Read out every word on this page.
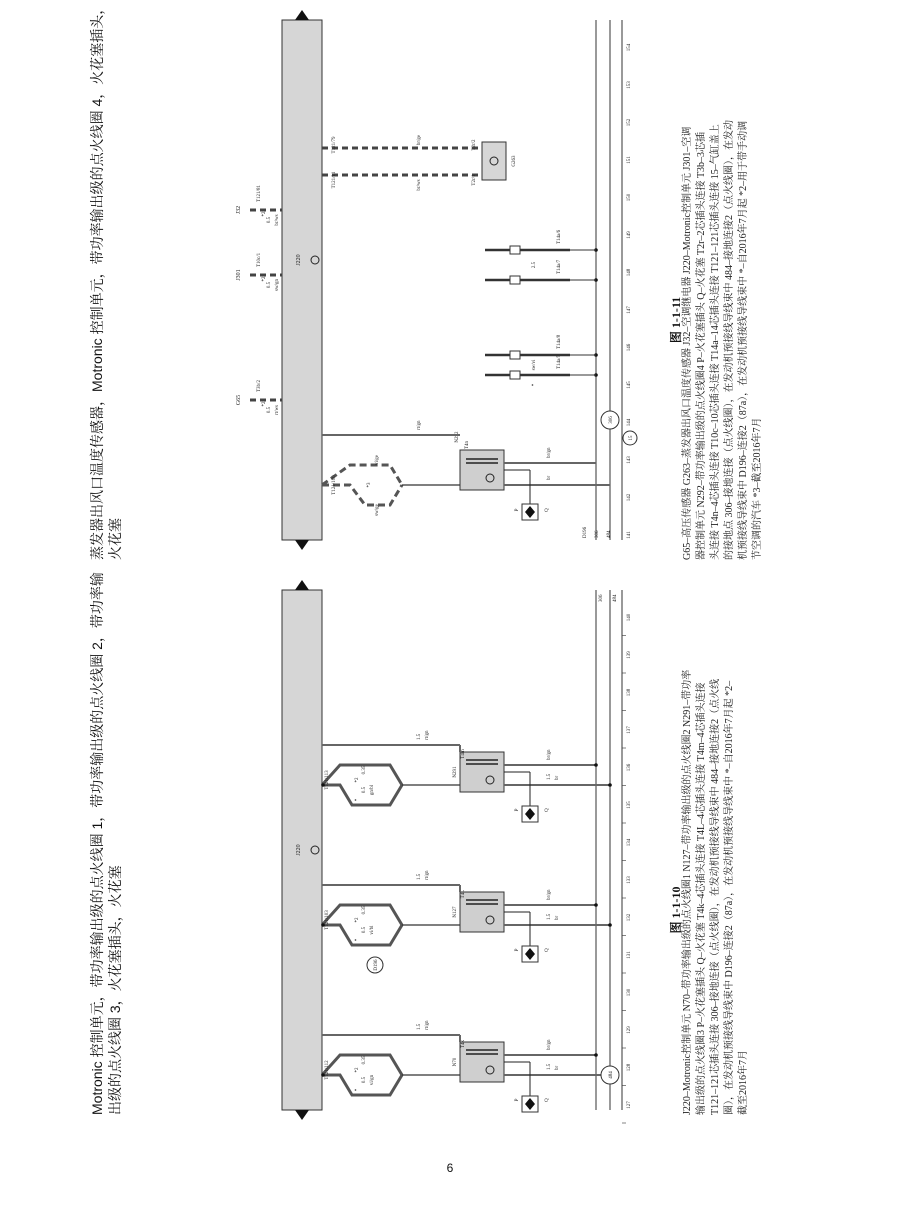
6
Motronic 控制单元，带功率输出级的点火线圈 1，带功率输出级的点火线圈 2，带功率输 出级的点火线圈 3，火花塞插头，火花塞
J220
306 484
127
128
129
130
131
132
133
134
135
136
137
138
139
140
0.5 vi/gn
0.35
*2
*
T121/112	N70
T4k
1.5 rt/gn
1.5 br
br/gn
P	Q
0.5 vi/bl
0.35
*2
*
T121/103	N127
T4L
1.5 rt/gn
1.5 br
br/gn
P	Q
0.5 gn/bl
0.35
*2
*
T121/113	N291
T4m
1.5 rt/gn
1.5 br
br/gn
P	Q
D196
484
图 1-1-10 J220–Motronic控制单元 N70–带功率输出级的点火线圈1 N127–带功率输出级的点火线圈2 N291–带功率 输出级的点火线圈3 P–火花塞插头 Q–火花塞 T4k–4芯插头连接 T4L–4芯插头连接 T4m–4芯插头连接 T121–121芯插头连接 306–接地连接（点火线圈），在发动机预接线导线束中 484–接地连接2（点火线 圈），在发动机预接线导线束中 D196–连接2（87a），在发动机预接线导线束中 *–自2016年7月起 *2– 截至2016年7月
蒸发器出风口温度传感器，Motronic 控制单元，带功率输出级的点火线圈 4，火花塞插头， 火花塞
J220
G65
T3b/2
0.5 rt/ws
*2
J301
T10c/1
0.5 sw/gn
*2
J32
T121/81
0.5 br/ws
*2
G263
br/ws
br/ge
T121/11
T121/79
T2r/1
T2r/2
D196 306 484	141
142
143
144
145
146
147
148
149
150
151
152
153
154
T121/100
sw/ge
vi/ge
*3
N292
T4n
rt/gn
br/gn
br
P	Q
T14a/5
T14a/8
T14a/7
T14a/6
sw/vi
2.5
*
306
15
图 1-1-11 G65–高压传感器 G263–蒸发器出风口温度传感器 J32–空调继电器 J220–Motronic控制单元 J301–空调 器控制单元 N292–带功率输出级的点火线圈4 P–火花塞插头 Q–火花塞 T2r–2芯插头连接 T3b–3芯插 头连接 T4n–4芯插头连接 T10c–10芯插头连接 T14a–14芯插头连接 T121–121芯插头连接 15–气缸盖上 的接地点 306–接地连接（点火线圈），在发动机预接线导线束中 484–接地连接2（点火线圈），在发动 机预接线导线束中 D196–连接2（87a），在发动机预接线导线束中 *–自2016年7月起 *2–用于带手动调 节空调的汽车 *3–截至2016年7月
